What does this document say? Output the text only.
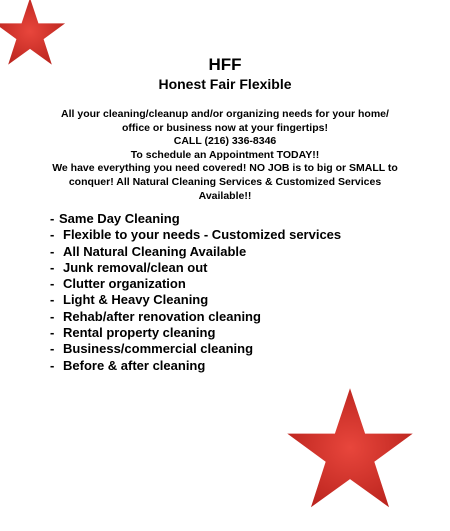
HFF
Honest Fair Flexible
All your cleaning/cleanup and/or organizing needs for your home/
office or business now at your fingertips!
CALL (216) 336-8346
To schedule an Appointment TODAY!!
We have everything you need covered! NO JOB is to big or SMALL to
conquer! All Natural Cleaning Services & Customized Services
Available!!
- Same Day Cleaning
- Flexible to your needs - Customized services
- All Natural Cleaning Available
- Junk removal/clean out
- Clutter organization
- Light & Heavy Cleaning
- Rehab/after renovation cleaning
- Rental property cleaning
- Business/commercial cleaning
- Before & after cleaning
